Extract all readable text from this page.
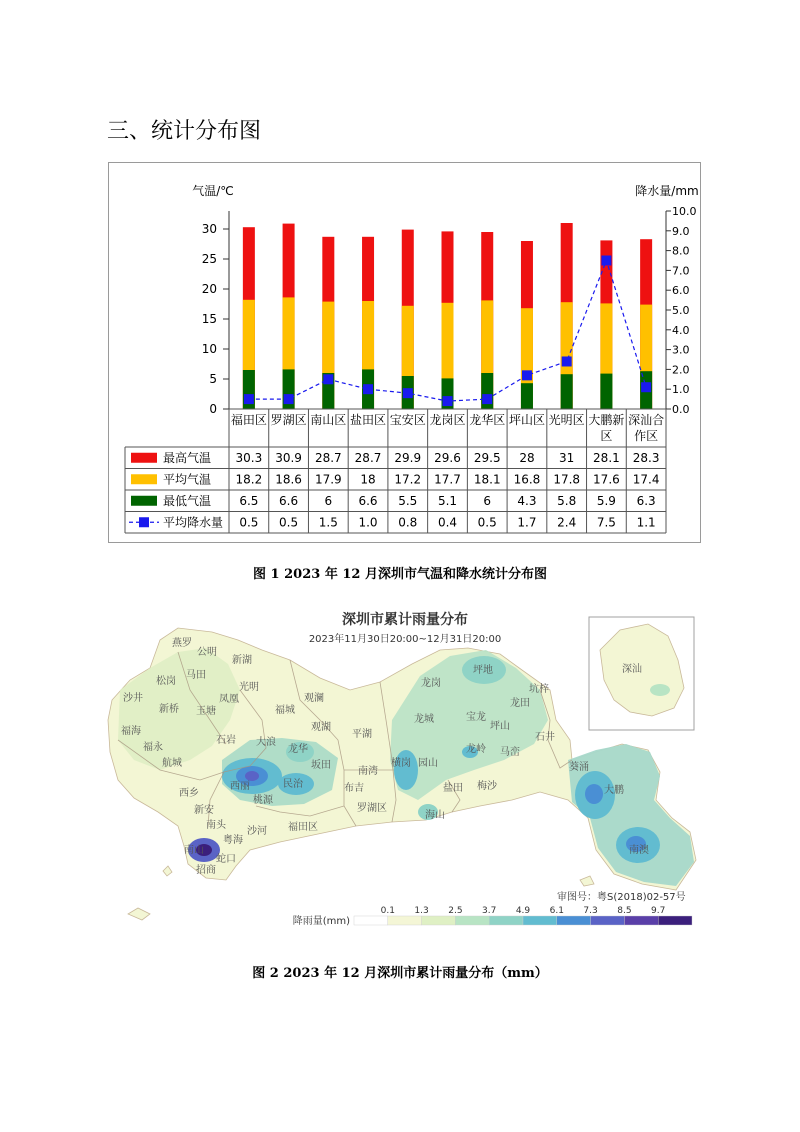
三、统计分布图
气温/℃	降水量/mm
0
5
10
15
20
25
30
0.0
1.0
2.0
3.0
4.0
5.0
6.0
7.0
8.0
9.0
10.0
福田区 罗湖区 南山区 盐田区 宝安区 龙岗区 龙华区 坪山区 光明区 大鹏新区
深汕合作区
最高气温 30.3 30.9 28.7 28.7 29.9 29.6 29.5 28 31 28.1 28.3
平均气温 18.2 18.6 17.9 18 17.2 17.7 18.1 16.8 17.8 17.6 17.4
最低气温 6.5 6.6 6 6.6 5.5 5.1 6 4.3 5.8 5.9 6.3
平均降水量 0.5 0.5 1.5 1.0 0.8 0.4 0.5 1.7 2.4 7.5 1.1
图 1 2023 年 12 月深圳市气温和降水统计分布图
深汕
深圳市累计雨量分布
2023年11月30日20:00~12月31日20:00
审图号：粤S(2018)02-57号
燕罗
公明
新湖
松岗
马田
光明
沙井	凤凰
新桥 玉塘
观澜
福城
福海
石岩
观湖
福永	大浪
龙华
平湖
航城	坂田
南湾
西乡
西丽	民治	布吉
桃源
罗湖区
新安
南头
粤海
沙河 福田区
蛇口
招商
南山
龙岗
坪地
坑梓
龙城	宝龙
龙田
坪山
石井
横岗 园山
龙岭 马峦
盐田 梅沙
海山
葵涌
大鹏
南澳
0.1 1.3 2.5 3.7 4.9 6.1 7.3 8.5 9.7
降雨量(mm)
图 2 2023 年 12 月深圳市累计雨量分布（mm）
